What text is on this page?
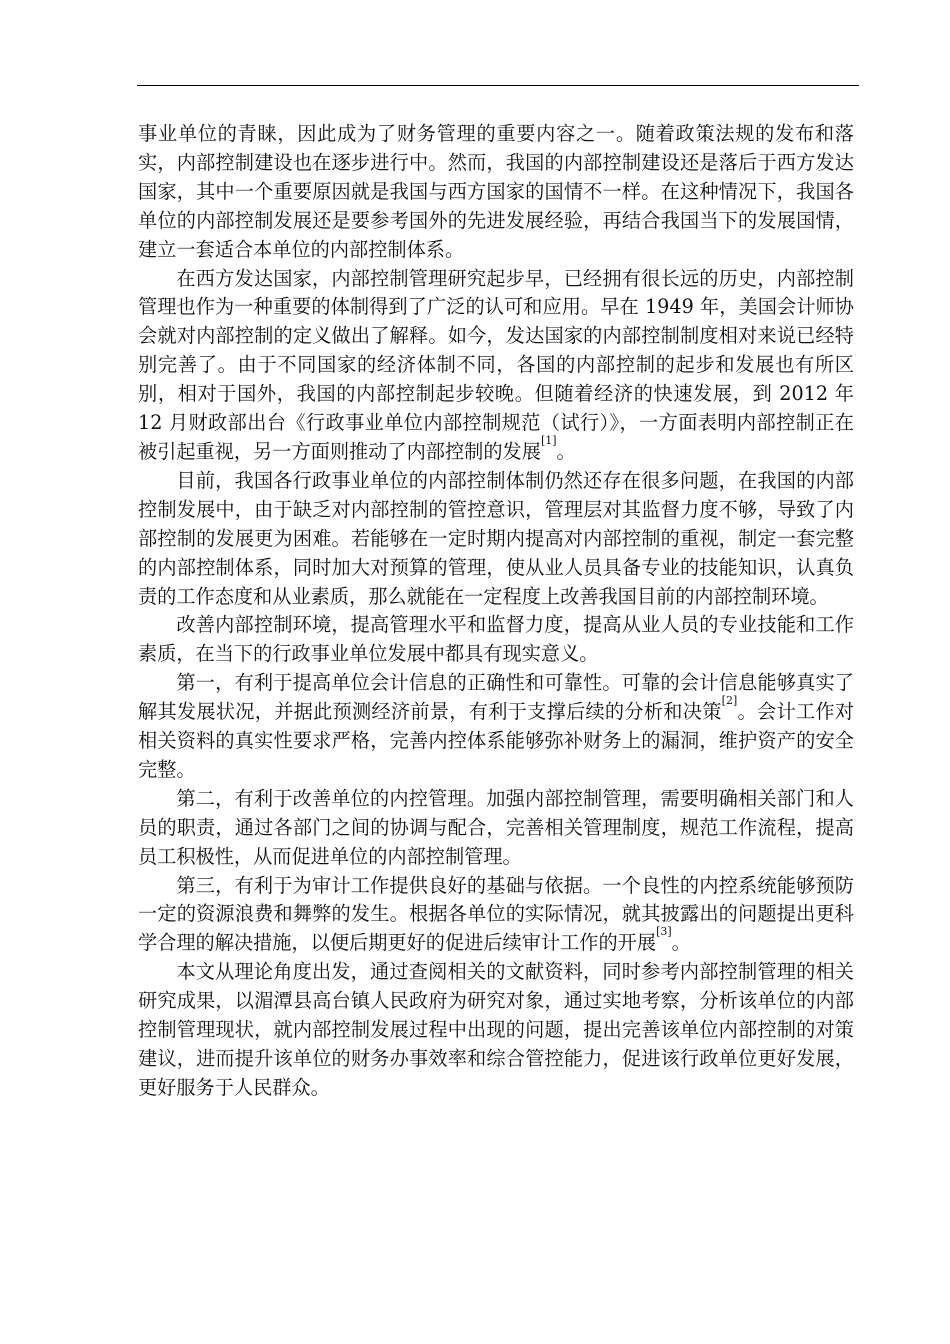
事业单位的青睐，因此成为了财务管理的重要内容之一。随着政策法规的发布和落实，内部控制建设也在逐步进行中。然而，我国的内部控制建设还是落后于西方发达国家，其中一个重要原因就是我国与西方国家的国情不一样。在这种情况下，我国各单位的内部控制发展还是要参考国外的先进发展经验，再结合我国当下的发展国情，建立一套适合本单位的内部控制体系。

在西方发达国家，内部控制管理研究起步早，已经拥有很长远的历史，内部控制管理也作为一种重要的体制得到了广泛的认可和应用。早在 1949 年，美国会计师协会就对内部控制的定义做出了解释。如今，发达国家的内部控制制度相对来说已经特别完善了。由于不同国家的经济体制不同，各国的内部控制的起步和发展也有所区别，相对于国外，我国的内部控制起步较晚。但随着经济的快速发展，到 2012 年 12 月财政部出台《行政事业单位内部控制规范（试行）》，一方面表明内部控制正在被引起重视，另一方面则推动了内部控制的发展[1]。

目前，我国各行政事业单位的内部控制体制仍然还存在很多问题，在我国的内部控制发展中，由于缺乏对内部控制的管控意识，管理层对其监督力度不够，导致了内部控制的发展更为困难。若能够在一定时期内提高对内部控制的重视，制定一套完整的内部控制体系，同时加大对预算的管理，使从业人员具备专业的技能知识，认真负责的工作态度和从业素质，那么就能在一定程度上改善我国目前的内部控制环境。

改善内部控制环境，提高管理水平和监督力度，提高从业人员的专业技能和工作素质，在当下的行政事业单位发展中都具有现实意义。

第一，有利于提高单位会计信息的正确性和可靠性。可靠的会计信息能够真实了解其发展状况，并据此预测经济前景，有利于支撑后续的分析和决策[2]。会计工作对相关资料的真实性要求严格，完善内控体系能够弥补财务上的漏洞，维护资产的安全完整。

第二，有利于改善单位的内控管理。加强内部控制管理，需要明确相关部门和人员的职责，通过各部门之间的协调与配合，完善相关管理制度，规范工作流程，提高员工积极性，从而促进单位的内部控制管理。

第三，有利于为审计工作提供良好的基础与依据。一个良性的内控系统能够预防一定的资源浪费和舞弊的发生。根据各单位的实际情况，就其披露出的问题提出更科学合理的解决措施，以便后期更好的促进后续审计工作的开展[3]。

本文从理论角度出发，通过查阅相关的文献资料，同时参考内部控制管理的相关研究成果，以湄潭县高台镇人民政府为研究对象，通过实地考察，分析该单位的内部控制管理现状，就内部控制发展过程中出现的问题，提出完善该单位内部控制的对策建议，进而提升该单位的财务办事效率和综合管控能力，促进该行政单位更好发展，更好服务于人民群众。
